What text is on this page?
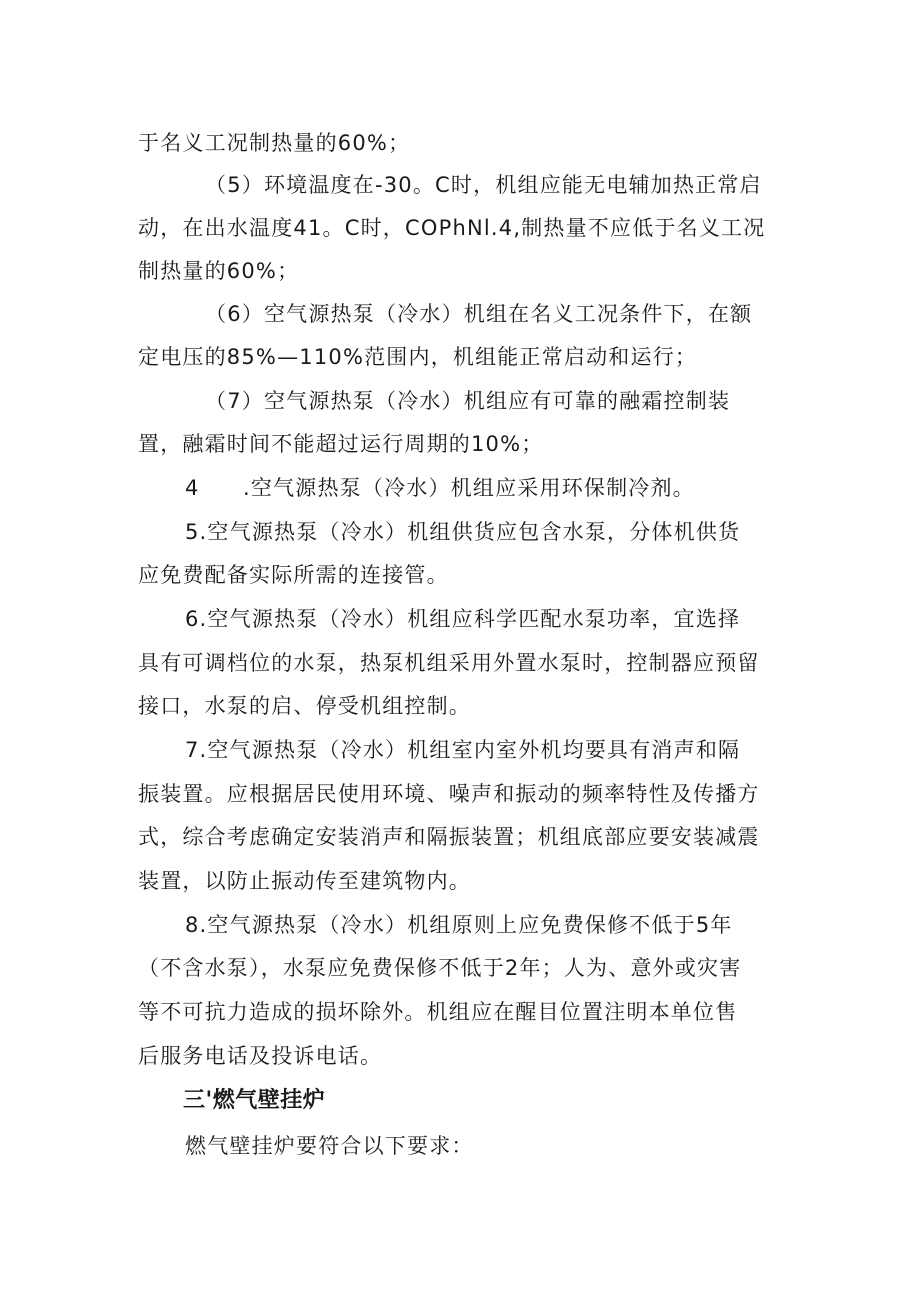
于名义工况制热量的60%；
（5）环境温度在-30。C时，机组应能无电辅加热正常启
动，在出水温度41。C时，COPhNl.4,制热量不应低于名义工况
制热量的60%；
（6）空气源热泵（冷水）机组在名义工况条件下，在额
定电压的85%—110%范围内，机组能正常启动和运行；
（7）空气源热泵（冷水）机组应有可靠的融霜控制装
置，融霜时间不能超过运行周期的10%；
4 .空气源热泵（冷水）机组应采用环保制冷剂。
5.空气源热泵（冷水）机组供货应包含水泵，分体机供货
应免费配备实际所需的连接管。
6.空气源热泵（冷水）机组应科学匹配水泵功率，宜选择
具有可调档位的水泵，热泵机组采用外置水泵时，控制器应预留
接口，水泵的启、停受机组控制。
7.空气源热泵（冷水）机组室内室外机均要具有消声和隔
振装置。应根据居民使用环境、噪声和振动的频率特性及传播方
式，综合考虑确定安装消声和隔振装置；机组底部应要安装减震
装置，以防止振动传至建筑物内。
8.空气源热泵（冷水）机组原则上应免费保修不低于5年
（不含水泵），水泵应免费保修不低于2年；人为、意外或灾害
等不可抗力造成的损坏除外。机组应在醒目位置注明本单位售
后服务电话及投诉电话。
三'燃气壁挂炉
燃气壁挂炉要符合以下要求：
